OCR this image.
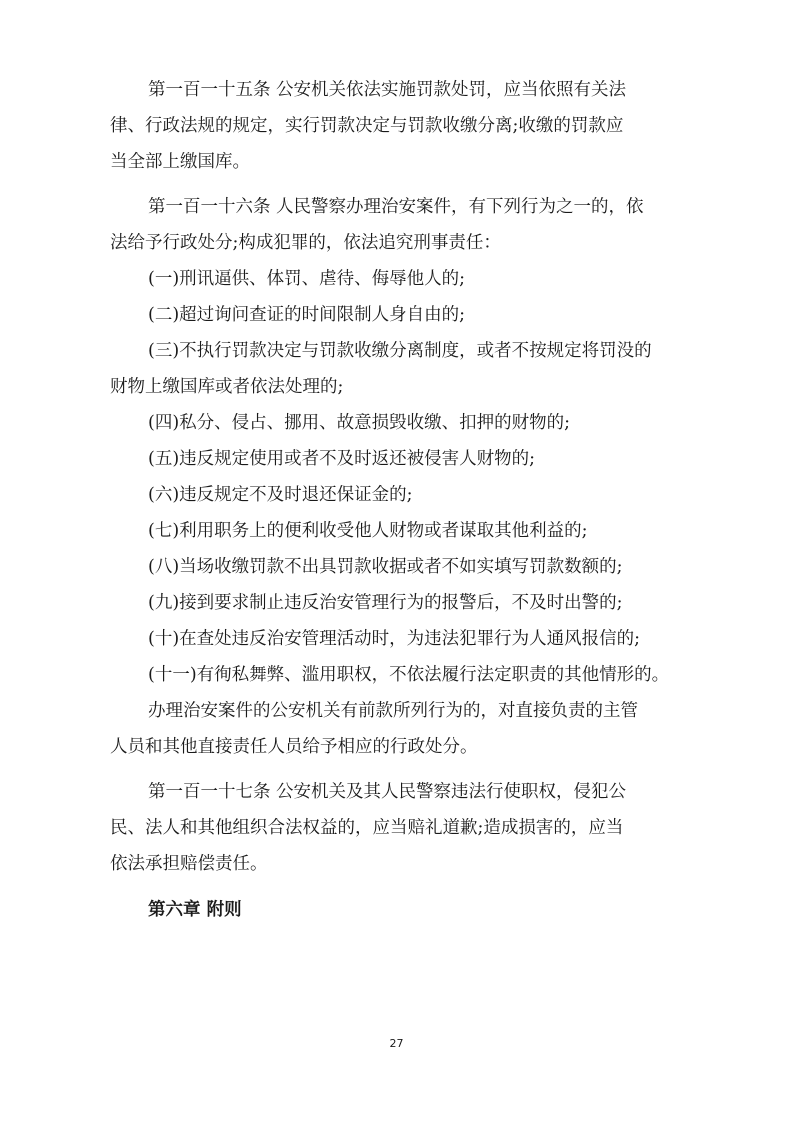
第一百一十五条 公安机关依法实施罚款处罚，应当依照有关法
律、行政法规的规定，实行罚款决定与罚款收缴分离;收缴的罚款应
当全部上缴国库。
第一百一十六条 人民警察办理治安案件，有下列行为之一的，依
法给予行政处分;构成犯罪的，依法追究刑事责任：
(一)刑讯逼供、体罚、虐待、侮辱他人的;
(二)超过询问查证的时间限制人身自由的;
(三)不执行罚款决定与罚款收缴分离制度，或者不按规定将罚没的
财物上缴国库或者依法处理的;
(四)私分、侵占、挪用、故意损毁收缴、扣押的财物的;
(五)违反规定使用或者不及时返还被侵害人财物的;
(六)违反规定不及时退还保证金的;
(七)利用职务上的便利收受他人财物或者谋取其他利益的;
(八)当场收缴罚款不出具罚款收据或者不如实填写罚款数额的;
(九)接到要求制止违反治安管理行为的报警后，不及时出警的;
(十)在查处违反治安管理活动时，为违法犯罪行为人通风报信的;
(十一)有徇私舞弊、滥用职权，不依法履行法定职责的其他情形的。
办理治安案件的公安机关有前款所列行为的，对直接负责的主管
人员和其他直接责任人员给予相应的行政处分。
第一百一十七条 公安机关及其人民警察违法行使职权，侵犯公
民、法人和其他组织合法权益的，应当赔礼道歉;造成损害的，应当
依法承担赔偿责任。
第六章 附则
27
